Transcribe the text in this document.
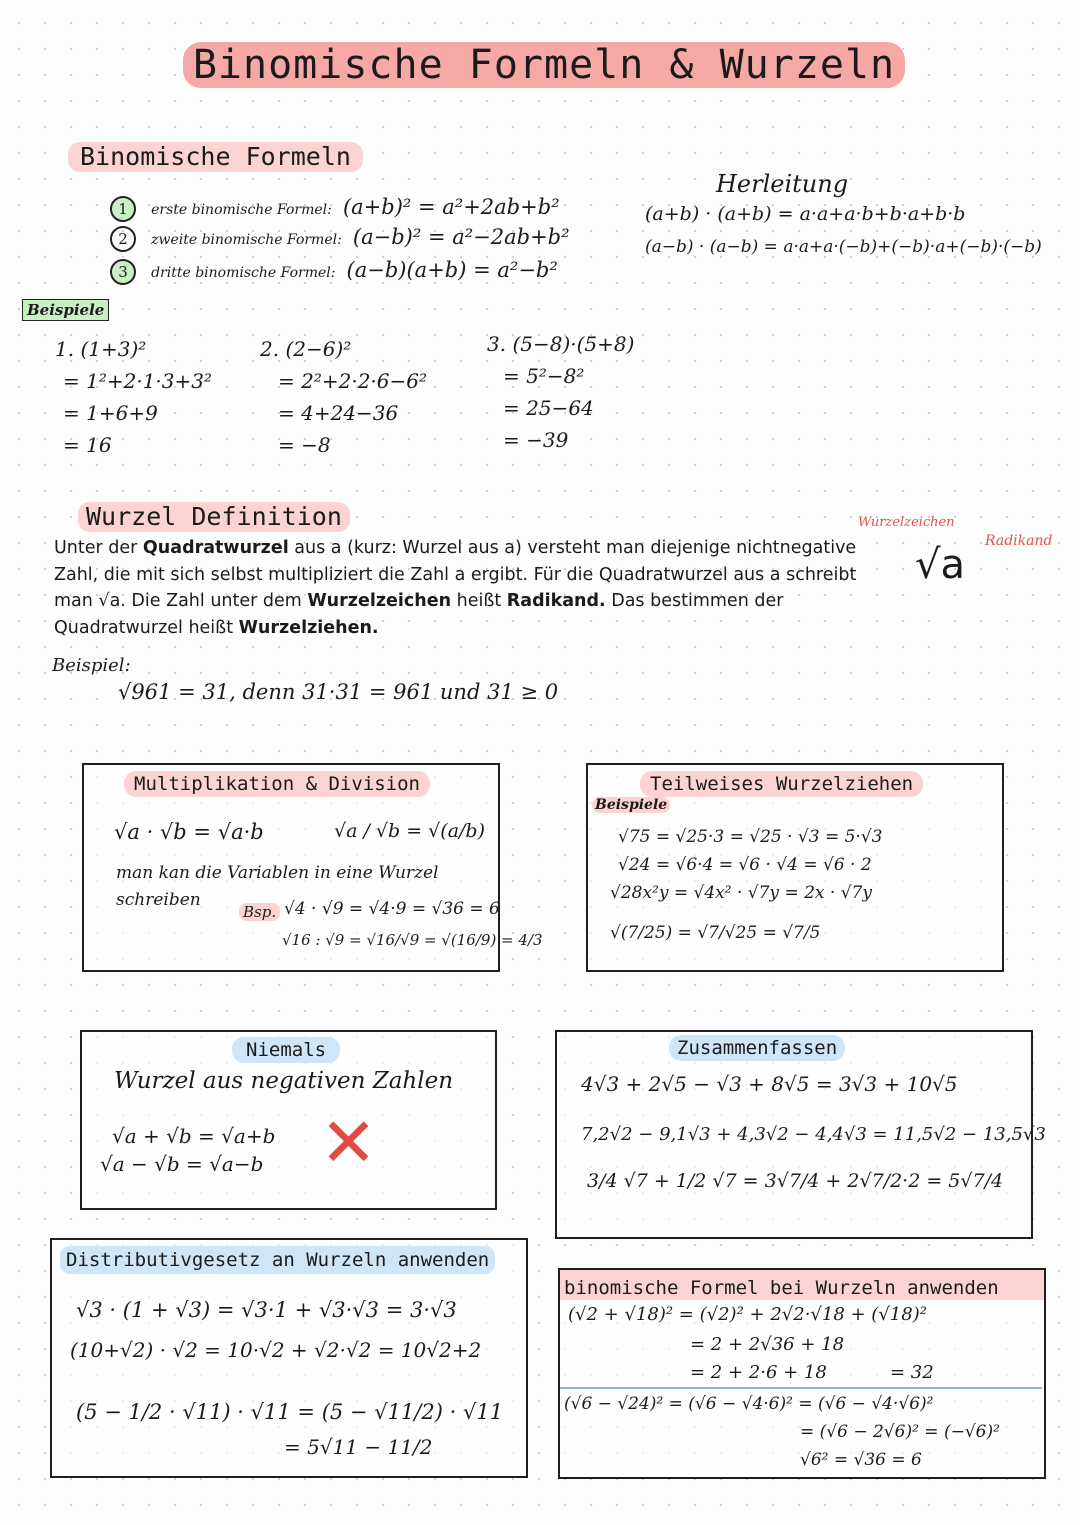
Binomische Formeln & Wurzeln
Binomische Formeln
1 erste binomische Formel: (a+b)² = a²+2ab+b²
2 zweite binomische Formel: (a−b)² = a²−2ab+b²
3 dritte binomische Formel: (a−b)(a+b) = a²−b²
Herleitung
(a+b) · (a+b) = a·a+a·b+b·a+b·b
(a−b) · (a−b) = a·a+a·(−b)+(−b)·a+(−b)·(−b)
Beispiele
1. (1+3)²
= 1²+2·1·3+3²
= 1+6+9
= 16
2. (2−6)²
= 2²+2·2·6−6²
= 4+24−36
= −8
3. (5−8)·(5+8)
= 5²−8²
= 25−64
= −39
Wurzel Definition
Unter der Quadratwurzel aus a (kurz: Wurzel aus a) versteht man diejenige nichtnegative Zahl, die mit sich selbst multipliziert die Zahl a ergibt. Für die Quadratwurzel aus a schreibt man √a. Die Zahl unter dem Wurzelzeichen heißt Radikand. Das bestimmen der Quadratwurzel heißt Wurzelziehen.
Wurzelzeichen
Radikand
√a
Beispiel:
√961 = 31, denn 31·31 = 961 und 31 ≥ 0
Multiplikation & Division
√a · √b = √a·b	√a / √b = √(a/b)
man kan die Variablen in eine Wurzel
schreiben
Bsp. √4 · √9 = √4·9 = √36 = 6
√16 : √9 = √16/√9 = √(16/9) = 4/3
Teilweises Wurzelziehen
Beispiele
√75 = √25·3 = √25 · √3 = 5·√3
√24 = √6·4 = √6 · √4 = √6 · 2
√28x²y = √4x² · √7y = 2x · √7y
√(7/25) = √7/√25 = √7/5
Niemals
Wurzel aus negativen Zahlen
√a + √b = √a+b
√a − √b = √a−b ✕
Zusammenfassen
4√3 + 2√5 − √3 + 8√5 = 3√3 + 10√5
7,2√2 − 9,1√3 + 4,3√2 − 4,4√3 = 11,5√2 − 13,5√3
3/4 √7 + 1/2 √7 = 3√7/4 + 2√7/2·2 = 5√7/4
Distributivgesetz an Wurzeln anwenden
√3 · (1 + √3) = √3·1 + √3·√3 = 3·√3
(10+√2) · √2 = 10·√2 + √2·√2 = 10√2+2
(5 − 1/2 · √11) · √11 = (5 − √11/2) · √11
= 5√11 − 11/2
binomische Formel bei Wurzeln anwenden
(√2 + √18)² = (√2)² + 2√2·√18 + (√18)²
= 2 + 2√36 + 18
= 2 + 2·6 + 18	= 32
(√6 − √24)² = (√6 − √4·6)² = (√6 − √4·√6)²
= (√6 − 2√6)² = (−√6)²
√6² = √36 = 6
